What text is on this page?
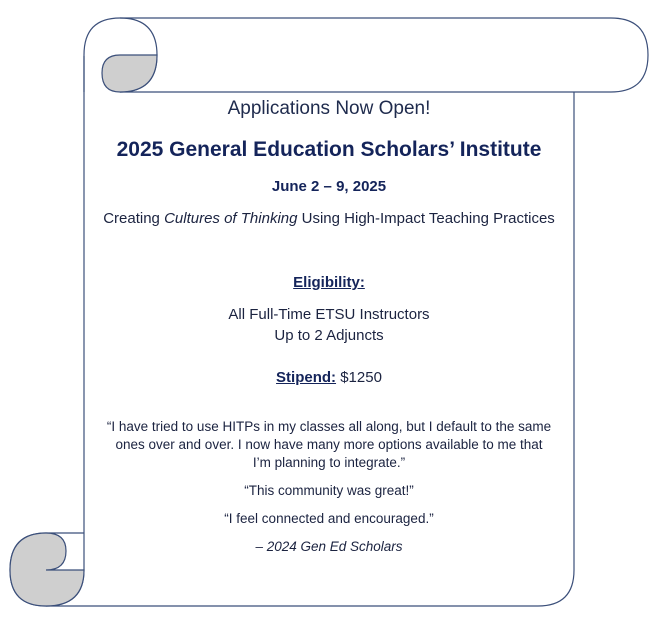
Applications Now Open!
2025 General Education Scholars’ Institute
June 2 – 9, 2025
Creating Cultures of Thinking Using High-Impact Teaching Practices
Eligibility:
All Full-Time ETSU Instructors
Up to 2 Adjuncts
Stipend: $1250
“I have tried to use HITPs in my classes all along, but I default to the same
ones over and over. I now have many more options available to me that
I’m planning to integrate.”
“This community was great!”
“I feel connected and encouraged.”
– 2024 Gen Ed Scholars
